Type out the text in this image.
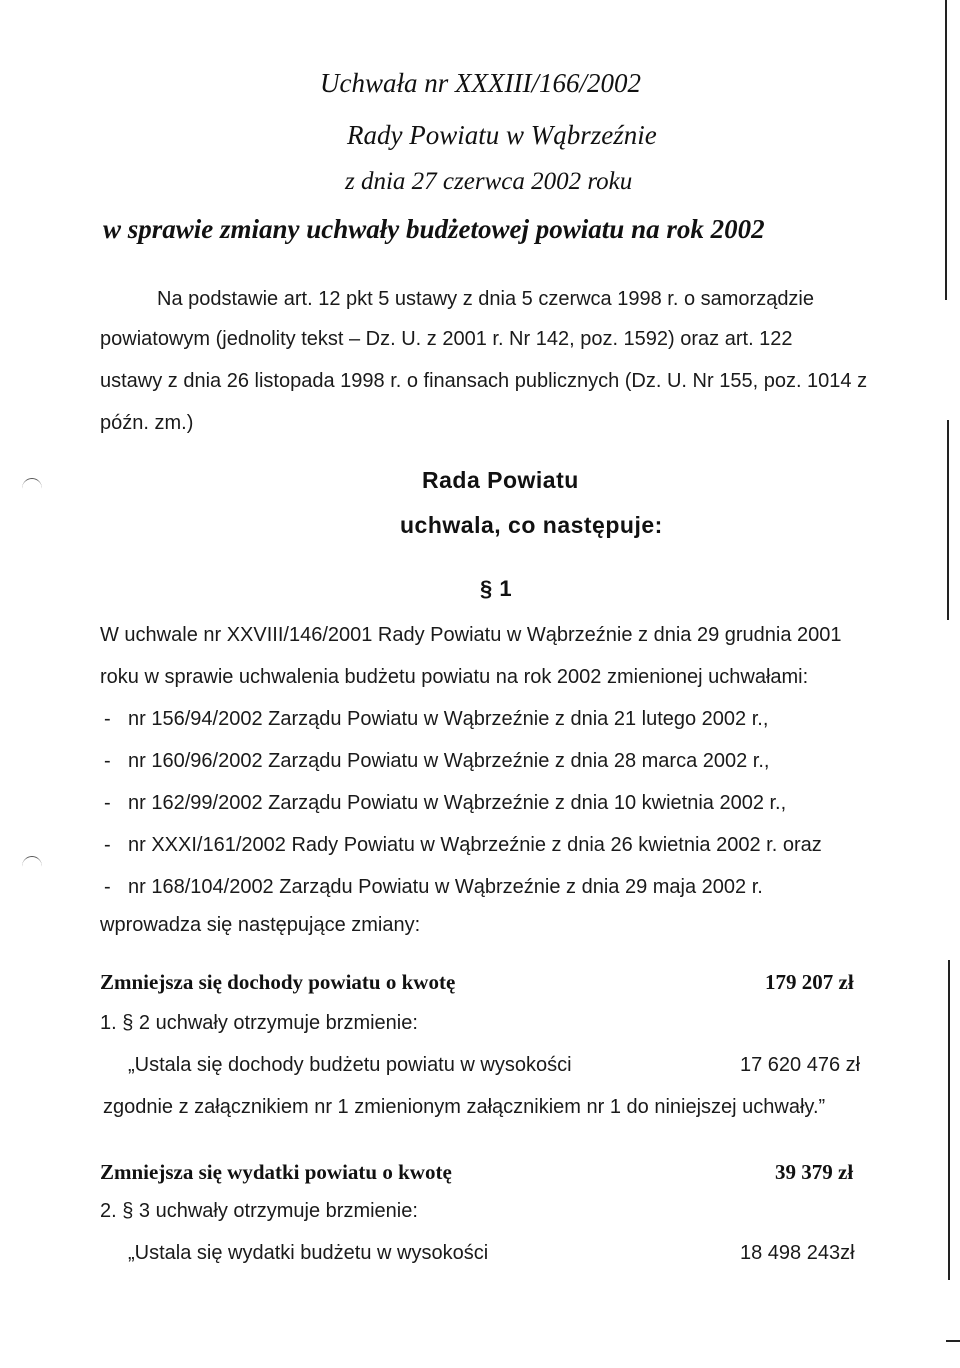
Uchwała nr XXXIII/166/2002
Rady Powiatu w Wąbrzeźnie
z dnia 27 czerwca 2002 roku
w sprawie zmiany uchwały budżetowej powiatu na rok 2002
Na podstawie art. 12 pkt 5 ustawy z dnia 5 czerwca 1998 r. o samorządzie
powiatowym (jednolity tekst – Dz. U. z 2001 r. Nr 142, poz. 1592) oraz art. 122
ustawy z dnia 26 listopada 1998 r. o finansach publicznych (Dz. U. Nr 155, poz. 1014 z
późn. zm.)
Rada Powiatu
uchwala, co następuje:
§ 1
W uchwale nr XXVIII/146/2001 Rady Powiatu w Wąbrzeźnie z dnia 29 grudnia 2001
roku w sprawie uchwalenia budżetu powiatu na rok 2002 zmienionej uchwałami:
- nr 156/94/2002 Zarządu Powiatu w Wąbrzeźnie z dnia 21 lutego 2002 r.,
- nr 160/96/2002 Zarządu Powiatu w Wąbrzeźnie z dnia 28 marca 2002 r.,
- nr 162/99/2002 Zarządu Powiatu w Wąbrzeźnie z dnia 10 kwietnia 2002 r.,
- nr XXXI/161/2002 Rady Powiatu w Wąbrzeźnie z dnia 26 kwietnia 2002 r. oraz
- nr 168/104/2002 Zarządu Powiatu w Wąbrzeźnie z dnia 29 maja 2002 r.
wprowadza się następujące zmiany:
Zmniejsza się dochody powiatu o kwotę	179 207 zł
1. § 2 uchwały otrzymuje brzmienie:
„Ustala się dochody budżetu powiatu w wysokości	17 620 476 zł
zgodnie z załącznikiem nr 1 zmienionym załącznikiem nr 1 do niniejszej uchwały.”
Zmniejsza się wydatki powiatu o kwotę	39 379 zł
2. § 3 uchwały otrzymuje brzmienie:
„Ustala się wydatki budżetu w wysokości	18 498 243zł
